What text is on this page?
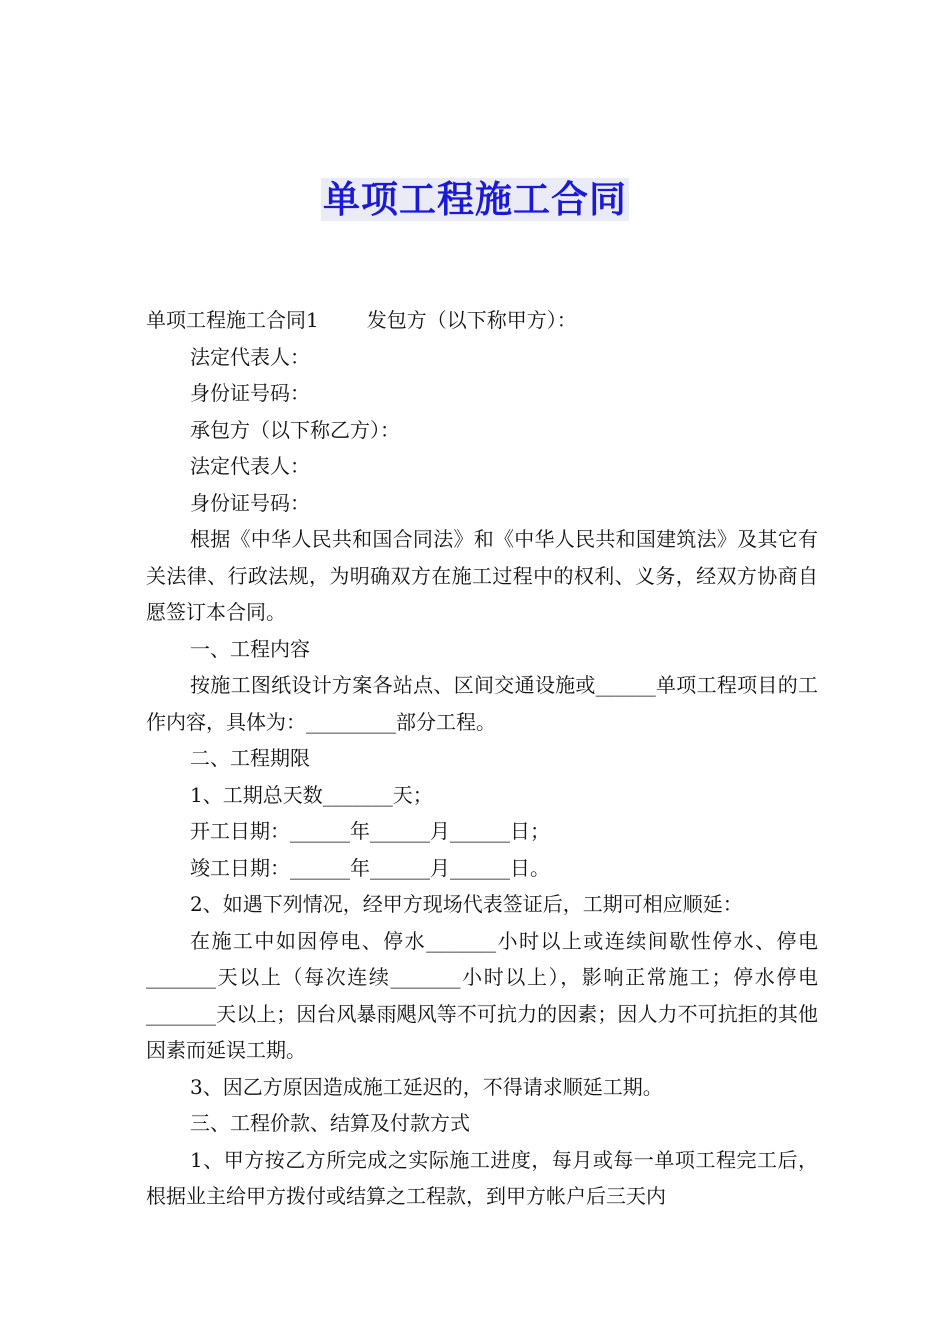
单项工程施工合同

单项工程施工合同1 发包方（以下称甲方）：

法定代表人：

身份证号码：

承包方（以下称乙方）：

法定代表人：

身份证号码：

根据《中华人民共和国合同法》和《中华人民共和国建筑法》及其它有关法律、行政法规，为明确双方在施工过程中的权利、义务，经双方协商自愿签订本合同。

一、工程内容

按施工图纸设计方案各站点、区间交通设施或______单项工程项目的工作内容，具体为：_________部分工程。

二、工程期限

1、工期总天数_______天；

开工日期：______年______月______日；

竣工日期：______年______月______日。

2、如遇下列情况，经甲方现场代表签证后，工期可相应顺延：

在施工中如因停电、停水_______小时以上或连续间歇性停水、停电_______天以上（每次连续_______小时以上），影响正常施工；停水停电_______天以上；因台风暴雨飓风等不可抗力的因素；因人力不可抗拒的其他因素而延误工期。

3、因乙方原因造成施工延迟的，不得请求顺延工期。

三、工程价款、结算及付款方式

1、甲方按乙方所完成之实际施工进度，每月或每一单项工程完工后，根据业主给甲方拨付或结算之工程款，到甲方帐户后三天内
